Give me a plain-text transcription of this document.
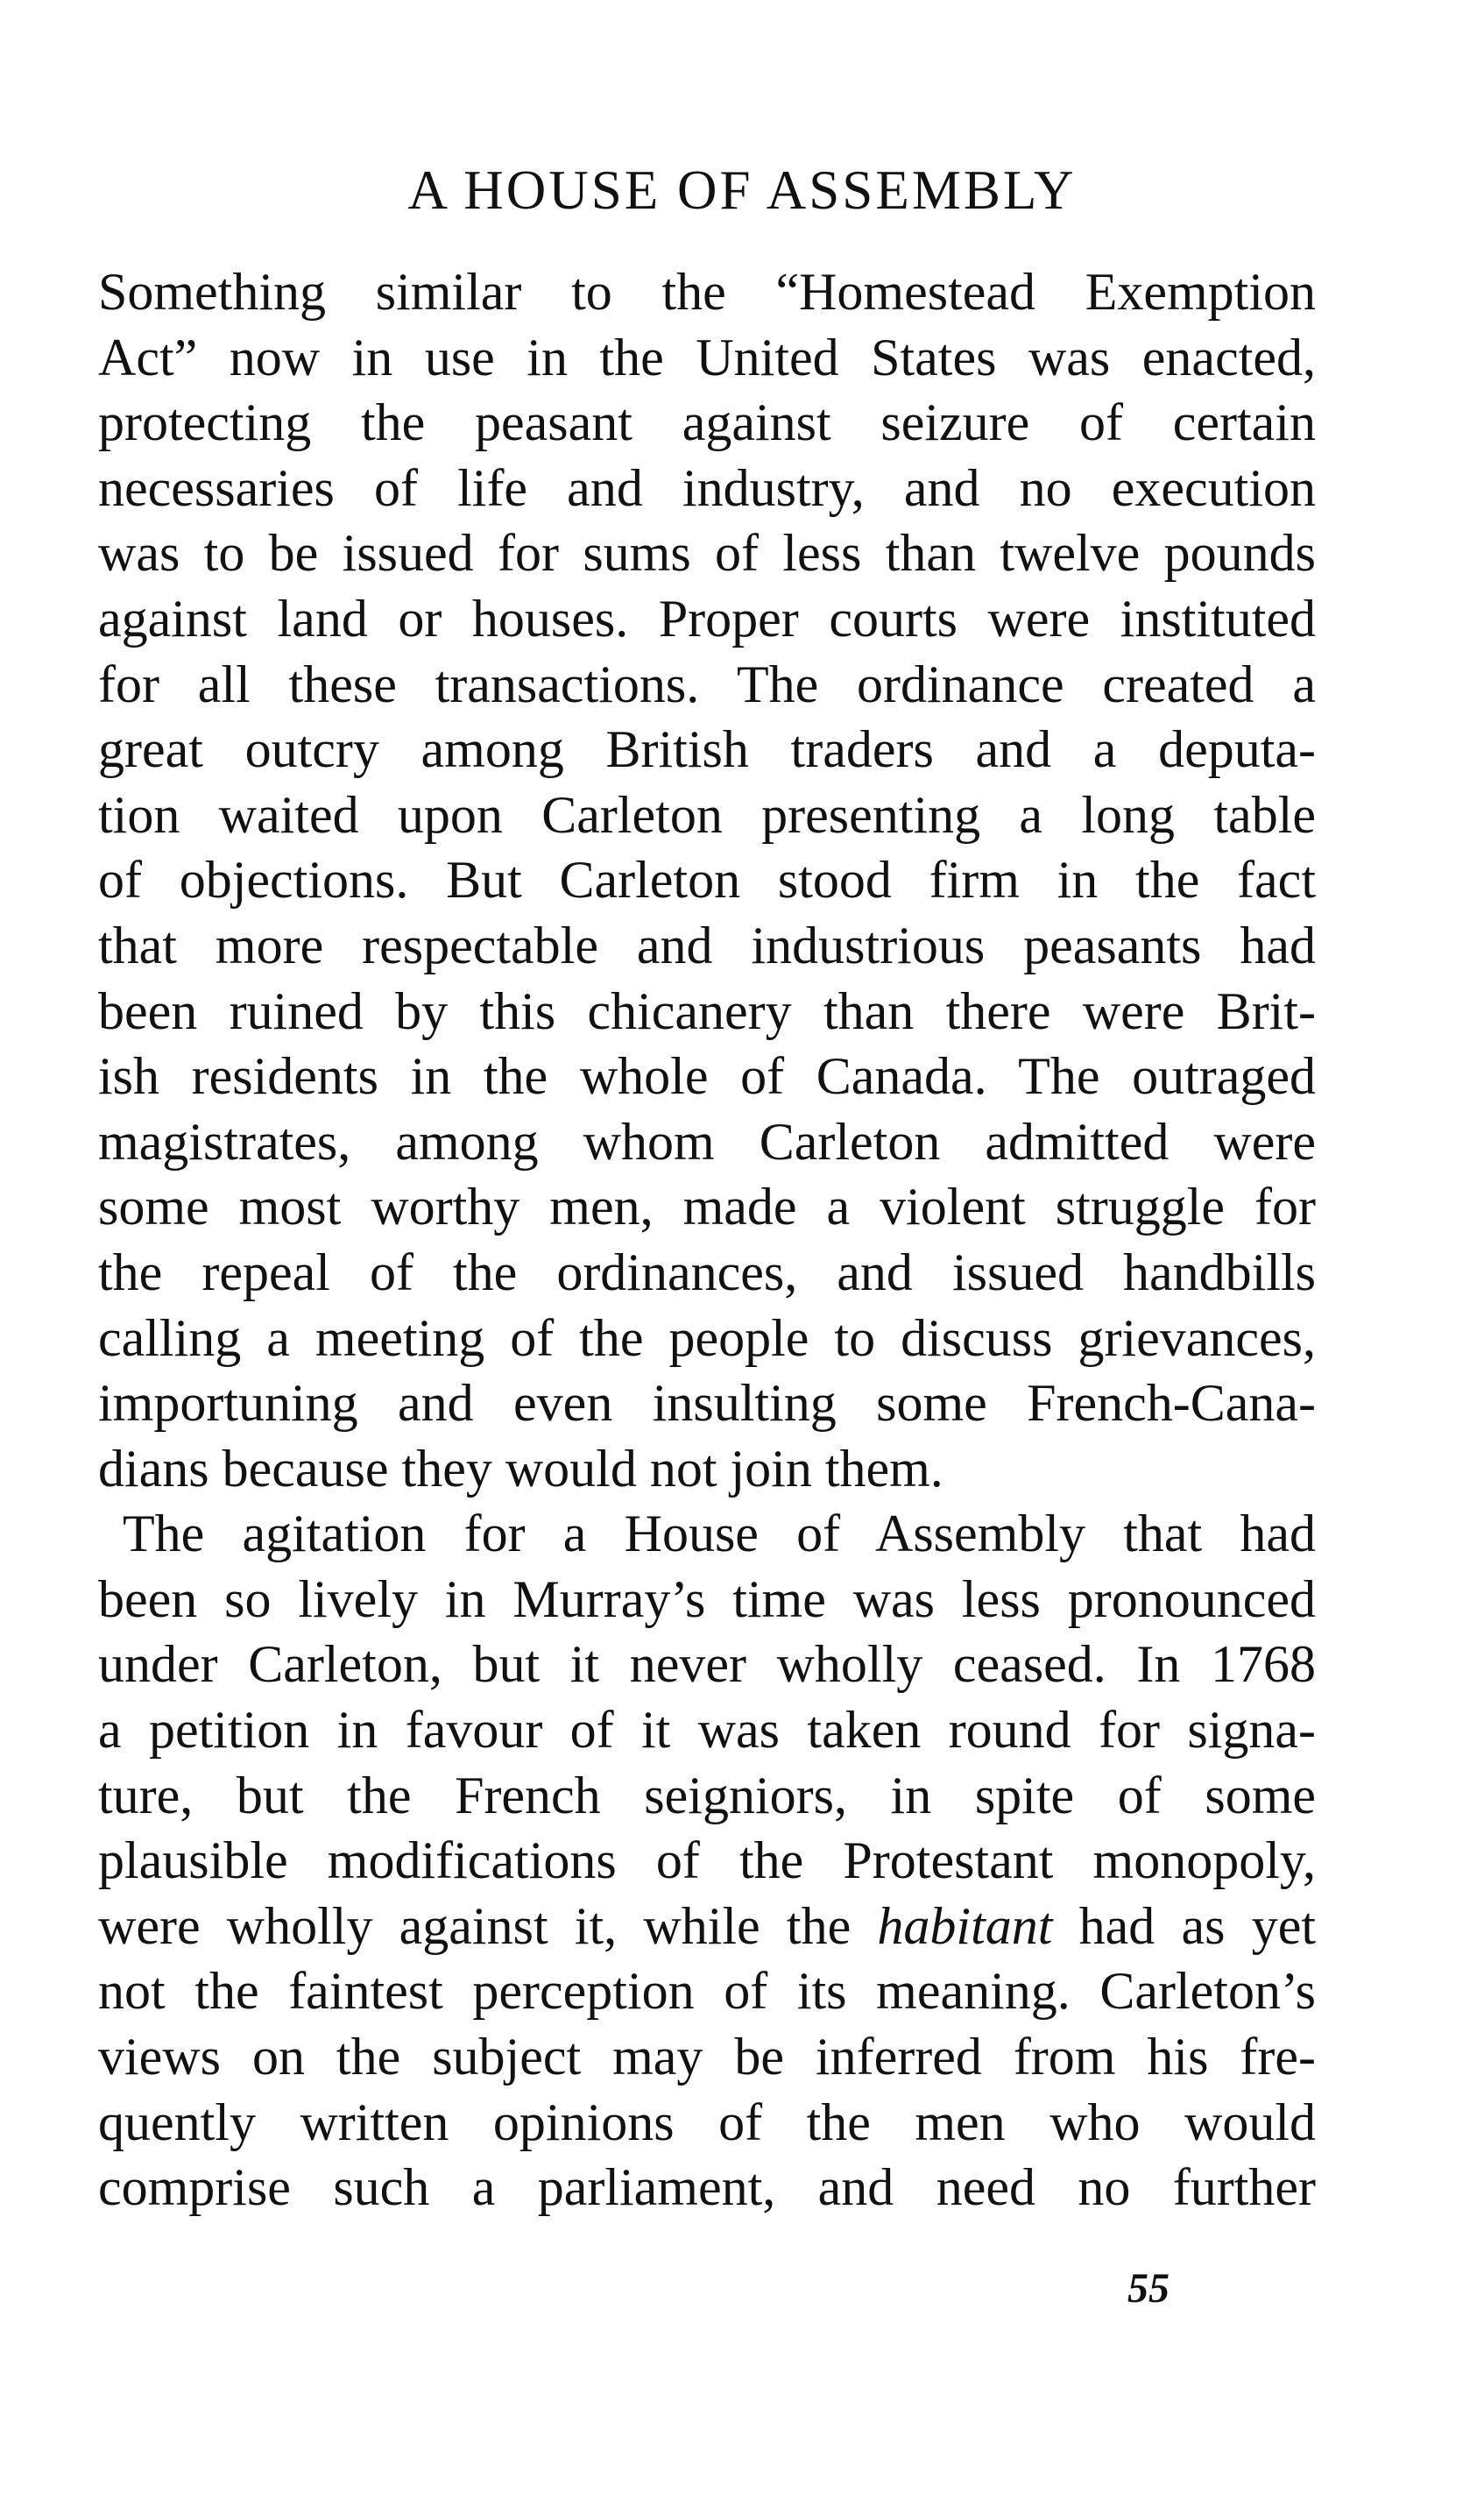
A HOUSE OF ASSEMBLY
Something similar to the “Homestead Exemption
Act” now in use in the United States was enacted,
protecting the peasant against seizure of certain
necessaries of life and industry, and no execution
was to be issued for sums of less than twelve pounds
against land or houses. Proper courts were instituted
for all these transactions. The ordinance created a
great outcry among British traders and a deputa-
tion waited upon Carleton presenting a long table
of objections. But Carleton stood firm in the fact
that more respectable and industrious peasants had
been ruined by this chicanery than there were Brit-
ish residents in the whole of Canada. The outraged
magistrates, among whom Carleton admitted were
some most worthy men, made a violent struggle for
the repeal of the ordinances, and issued handbills
calling a meeting of the people to discuss grievances,
importuning and even insulting some French-Cana-
dians because they would not join them.
The agitation for a House of Assembly that had
been so lively in Murray’s time was less pronounced
under Carleton, but it never wholly ceased. In 1768
a petition in favour of it was taken round for signa-
ture, but the French seigniors, in spite of some
plausible modifications of the Protestant monopoly,
were wholly against it, while the habitant had as yet
not the faintest perception of its meaning. Carleton’s
views on the subject may be inferred from his fre-
quently written opinions of the men who would
comprise such a parliament, and need no further
55
